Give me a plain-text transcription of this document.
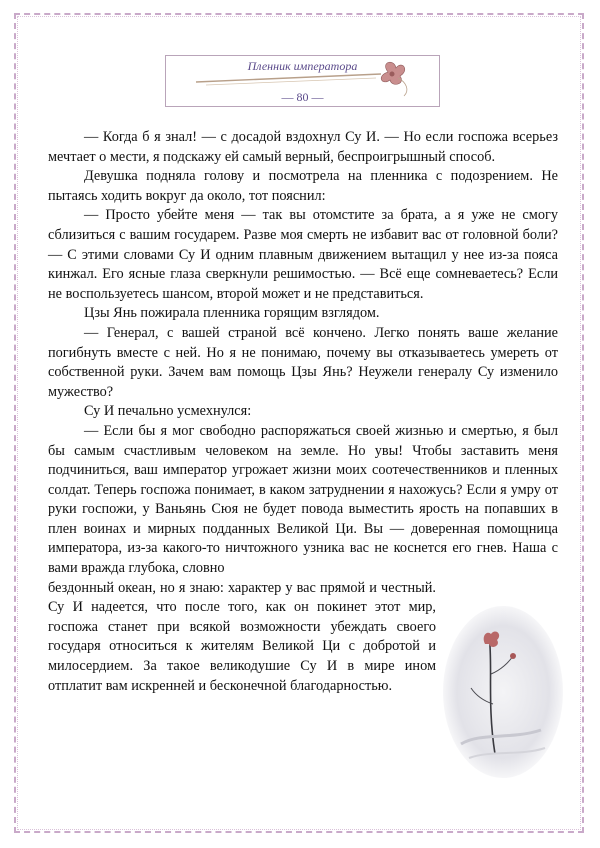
Пленник императора
— 80 —

— Когда б я знал! — с досадой вздохнул Су И. — Но если госпожа всерьез мечтает о мести, я подскажу ей самый верный, беспроигрышный способ.

Девушка подняла голову и посмотрела на пленника с подозрением. Не пытаясь ходить вокруг да около, тот пояснил:

— Просто убейте меня — так вы отомстите за брата, а я уже не смогу сблизиться с вашим государем. Разве моя смерть не избавит вас от головной боли? — С этими словами Су И одним плавным движением вытащил у нее из-за пояса кинжал. Его ясные глаза сверкнули решимостью. — Всё еще сомневаетесь? Если не воспользуетесь шансом, второй может и не представиться.

Цзы Янь пожирала пленника горящим взглядом.

— Генерал, с вашей страной всё кончено. Легко понять ваше желание погибнуть вместе с ней. Но я не понимаю, почему вы отказываетесь умереть от собственной руки. Зачем вам помощь Цзы Янь? Неужели генералу Су изменило мужество?

Су И печально усмехнулся:

— Если бы я мог свободно распоряжаться своей жизнью и смертью, я был бы самым счастливым человеком на земле. Но увы! Чтобы заставить меня подчиниться, ваш император угрожает жизни моих соотечественников и пленных солдат. Теперь госпожа понимает, в каком затруднении я нахожусь? Если я умру от руки госпожи, у Ваньянь Сюя не будет повода выместить ярость на попавших в плен воинах и мирных подданных Великой Ци. Вы — доверенная помощница императора, из-за какого-то ничтожного узника вас не коснется его гнев. Наша с вами вражда глубока, словно

бездонный океан, но я знаю: характер у вас прямой и честный. Су И надеется, что после того, как он покинет этот мир, госпожа станет при всякой возможности убеждать своего государя относиться к жителям Великой Ци с добротой и милосердием. За такое великодушие Су И в мире ином отплатит вам искренней и бесконечной благодарностью.
